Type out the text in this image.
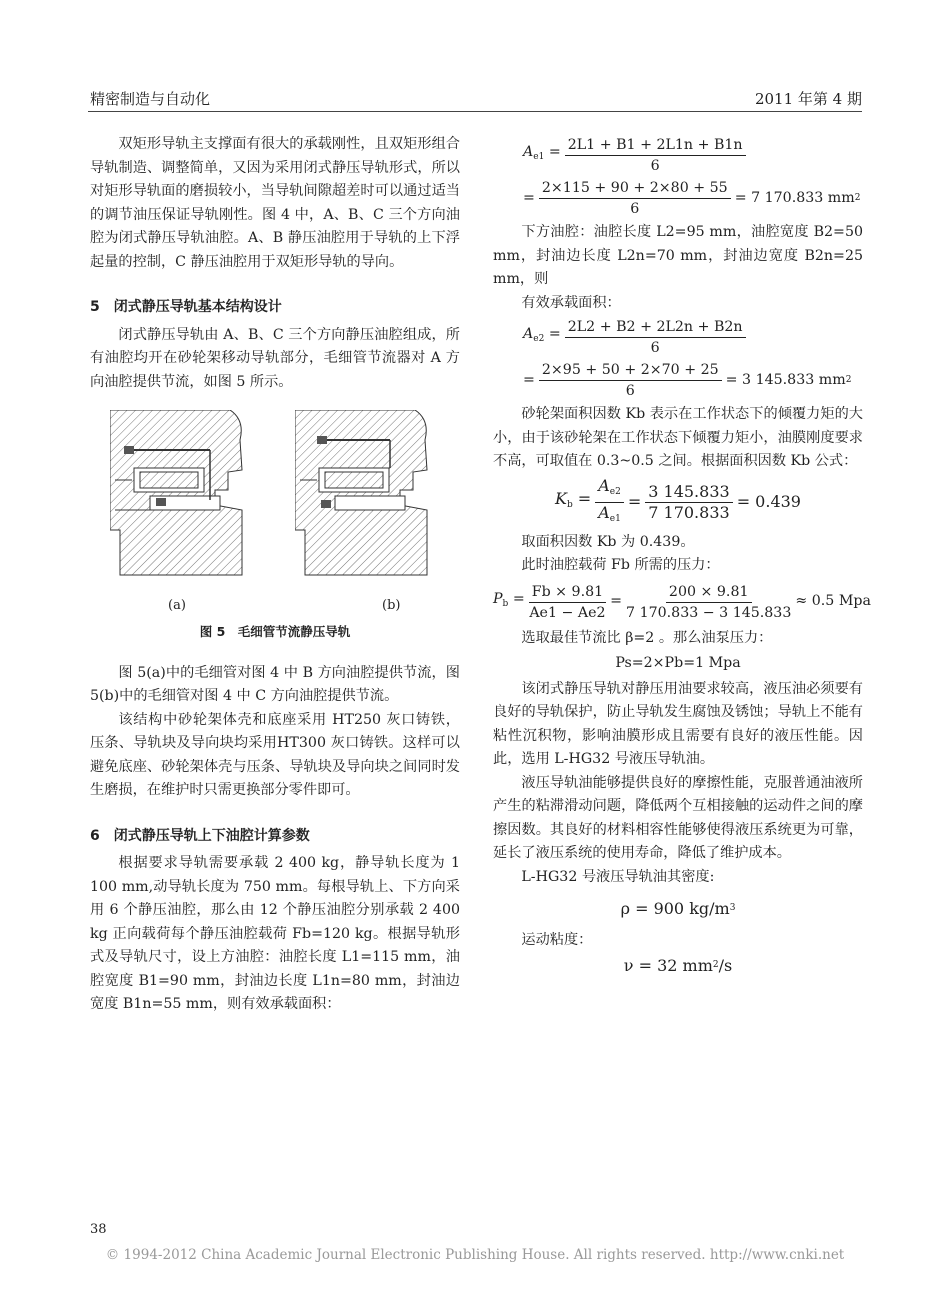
精密制造与自动化	2011 年第 4 期

双矩形导轨主支撑面有很大的承载刚性，且双矩形组合导轨制造、调整简单，又因为采用闭式静压导轨形式，所以对矩形导轨面的磨损较小，当导轨间隙超差时可以通过适当的调节油压保证导轨刚性。图 4 中，A、B、C 三个方向油腔为闭式静压导轨油腔。A、B 静压油腔用于导轨的上下浮起量的控制，C 静压油腔用于双矩形导轨的导向。

5　闭式静压导轨基本结构设计

闭式静压导轨由 A、B、C 三个方向静压油腔组成，所有油腔均开在砂轮架移动导轨部分，毛细管节流器对 A 方向油腔提供节流，如图 5 所示。

(a)	(b)
图 5　毛细管节流静压导轨

图 5(a)中的毛细管对图 4 中 B 方向油腔提供节流，图 5(b)中的毛细管对图 4 中 C 方向油腔提供节流。

该结构中砂轮架体壳和底座采用 HT250 灰口铸铁，压条、导轨块及导向块均采用HT300 灰口铸铁。这样可以避免底座、砂轮架体壳与压条、导轨块及导向块之间同时发生磨损，在维护时只需更换部分零件即可。

6　闭式静压导轨上下油腔计算参数

根据要求导轨需要承载 2 400 kg，静导轨长度为 1 100 mm,动导轨长度为 750 mm。每根导轨上、下方向采用 6 个静压油腔，那么由 12 个静压油腔分别承载 2 400 kg 正向载荷每个静压油腔载荷 Fb=120 kg。根据导轨形式及导轨尺寸，设上方油腔：油腔长度 L1=115 mm，油腔宽度 B1=90 mm，封油边长度 L1n=80 mm，封油边宽度 B1n=55 mm，则有效承载面积：

$A_{e1} = \frac{2L1 + B1 + 2L1n + B1n}{6}$
= $\frac{2\times 115 + 90 + 2\times 80 + 55}{6} = 7$ 170.833 mm 2

下方油腔：油腔长度 L2=95 mm，油腔宽度 B2=50 mm，封油边长度 L2n=70 mm，封油边宽度 B2n=25 mm，则

有效承载面积：

$A_{e2} = \frac{2L2 + B2 + 2L2n + B2n}{6}$
= $\frac{2\times 95 + 50 + 2\times 70 + 25}{6} = 3$ 145.833 mm 2

砂轮架面积因数 Kb 表示在工作状态下的倾覆力矩的大小，由于该砂轮架在工作状态下倾覆力矩小，油膜刚度要求不高，可取值在 0.3~0.5 之间。根据面积因数 Kb 公式：

$K_b = \frac{A_{e2}}{A_{e1}} = \frac{3 145.833}{7 170.833} = 0.439$

取面积因数 Kb 为 0.439。

此时油腔载荷 Fb 所需的压力：

$P_b = \frac{Fb \times 9.81}{Ae1 - Ae2} = \frac{200 \times 9.81}{7 170.833 - 3 145.833} \approx 0.5$ Mpa

选取最佳节流比 β=2 。那么油泵压力：

Ps=2×Pb=1 Mpa

该闭式静压导轨对静压用油要求较高，液压油必须要有良好的导轨保护，防止导轨发生腐蚀及锈蚀；导轨上不能有粘性沉积物，影响油膜形成且需要有良好的液压性能。因此，选用 L-HG32 号液压导轨油。

液压导轨油能够提供良好的摩擦性能，克服普通油液所产生的粘滞滑动问题，降低两个互相接触的运动件之间的摩擦因数。其良好的材料相容性能够使得液压系统更为可靠，延长了液压系统的使用寿命，降低了维护成本。

L-HG32 号液压导轨油其密度:

ρ = 900 kg/m 3

运动粘度：

ν = 32 mm 2 /s
38
© 1994-2012 China Academic Journal Electronic Publishing House. All rights reserved. http://www.cnki.net
